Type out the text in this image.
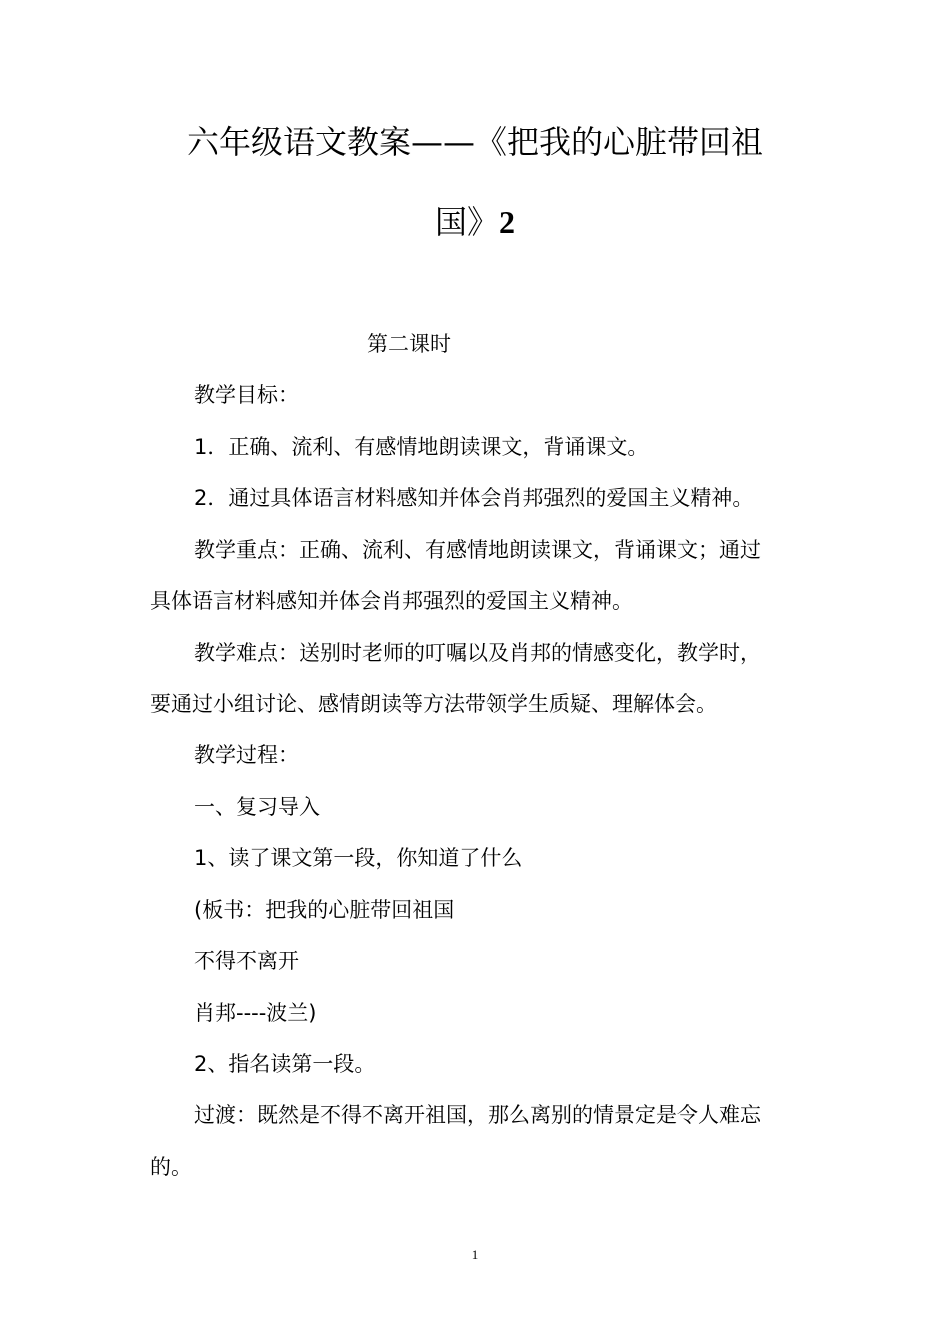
六年级语文教案——《把我的心脏带回祖
国》2
第二课时
教学目标：
1．正确、流利、有感情地朗读课文，背诵课文。
2．通过具体语言材料感知并体会肖邦强烈的爱国主义精神。
教学重点：正确、流利、有感情地朗读课文，背诵课文；通过
具体语言材料感知并体会肖邦强烈的爱国主义精神。
教学难点：送别时老师的叮嘱以及肖邦的情感变化，教学时，
要通过小组讨论、感情朗读等方法带领学生质疑、理解体会。
教学过程：
一、复习导入
1、读了课文第一段，你知道了什么
(板书：把我的心脏带回祖国
不得不离开
肖邦----波兰)
2、指名读第一段。
过渡：既然是不得不离开祖国，那么离别的情景定是令人难忘
的。
1
